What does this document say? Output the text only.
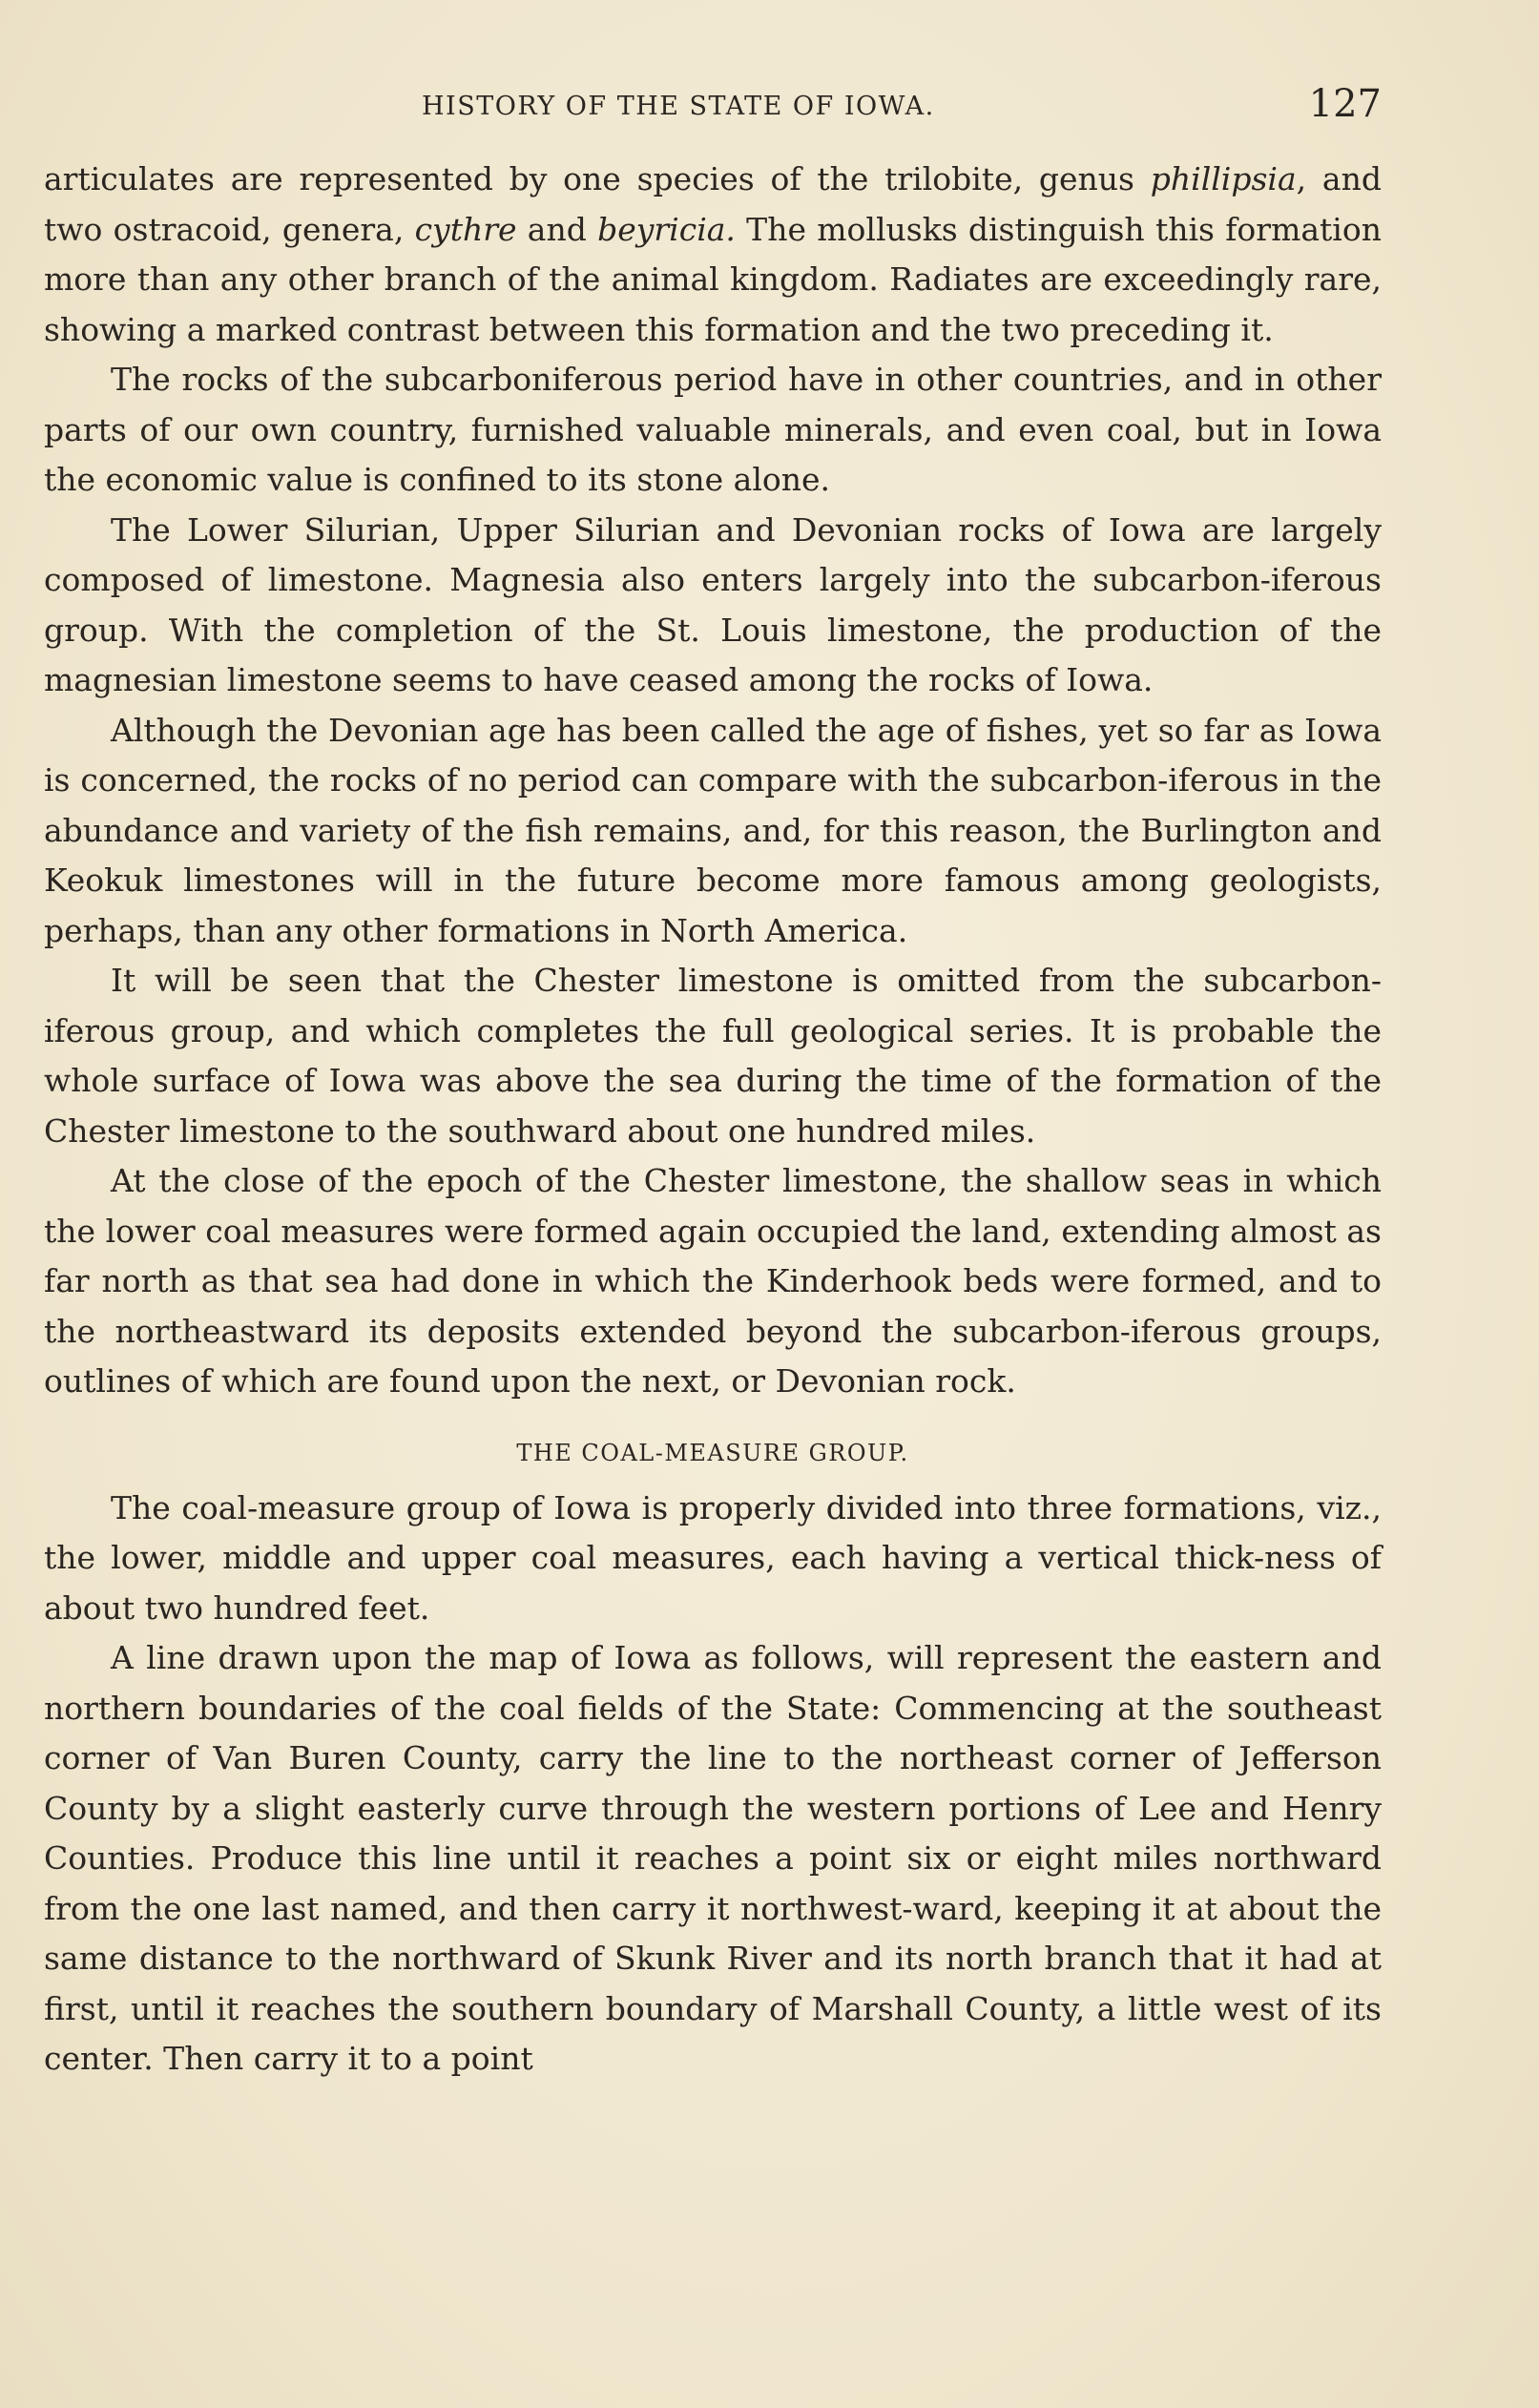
HISTORY OF THE STATE OF IOWA.	127

articulates are represented by one species of the trilobite, genus phillipsia, and two ostracoid, genera, cythre and beyricia. The mollusks distinguish this formation more than any other branch of the animal kingdom. Radiates are exceedingly rare, showing a marked contrast between this formation and the two preceding it.

The rocks of the subcarboniferous period have in other countries, and in other parts of our own country, furnished valuable minerals, and even coal, but in Iowa the economic value is confined to its stone alone.

The Lower Silurian, Upper Silurian and Devonian rocks of Iowa are largely composed of limestone. Magnesia also enters largely into the subcarbon-iferous group. With the completion of the St. Louis limestone, the production of the magnesian limestone seems to have ceased among the rocks of Iowa.

Although the Devonian age has been called the age of fishes, yet so far as Iowa is concerned, the rocks of no period can compare with the subcarbon-iferous in the abundance and variety of the fish remains, and, for this reason, the Burlington and Keokuk limestones will in the future become more famous among geologists, perhaps, than any other formations in North America.

It will be seen that the Chester limestone is omitted from the subcarbon-iferous group, and which completes the full geological series. It is probable the whole surface of Iowa was above the sea during the time of the formation of the Chester limestone to the southward about one hundred miles.

At the close of the epoch of the Chester limestone, the shallow seas in which the lower coal measures were formed again occupied the land, extending almost as far north as that sea had done in which the Kinderhook beds were formed, and to the northeastward its deposits extended beyond the subcarbon-iferous groups, outlines of which are found upon the next, or Devonian rock.

THE COAL-MEASURE GROUP.

The coal-measure group of Iowa is properly divided into three formations, viz., the lower, middle and upper coal measures, each having a vertical thick-ness of about two hundred feet.

A line drawn upon the map of Iowa as follows, will represent the eastern and northern boundaries of the coal fields of the State: Commencing at the southeast corner of Van Buren County, carry the line to the northeast corner of Jefferson County by a slight easterly curve through the western portions of Lee and Henry Counties. Produce this line until it reaches a point six or eight miles northward from the one last named, and then carry it northwest-ward, keeping it at about the same distance to the northward of Skunk River and its north branch that it had at first, until it reaches the southern boundary of Marshall County, a little west of its center. Then carry it to a point
